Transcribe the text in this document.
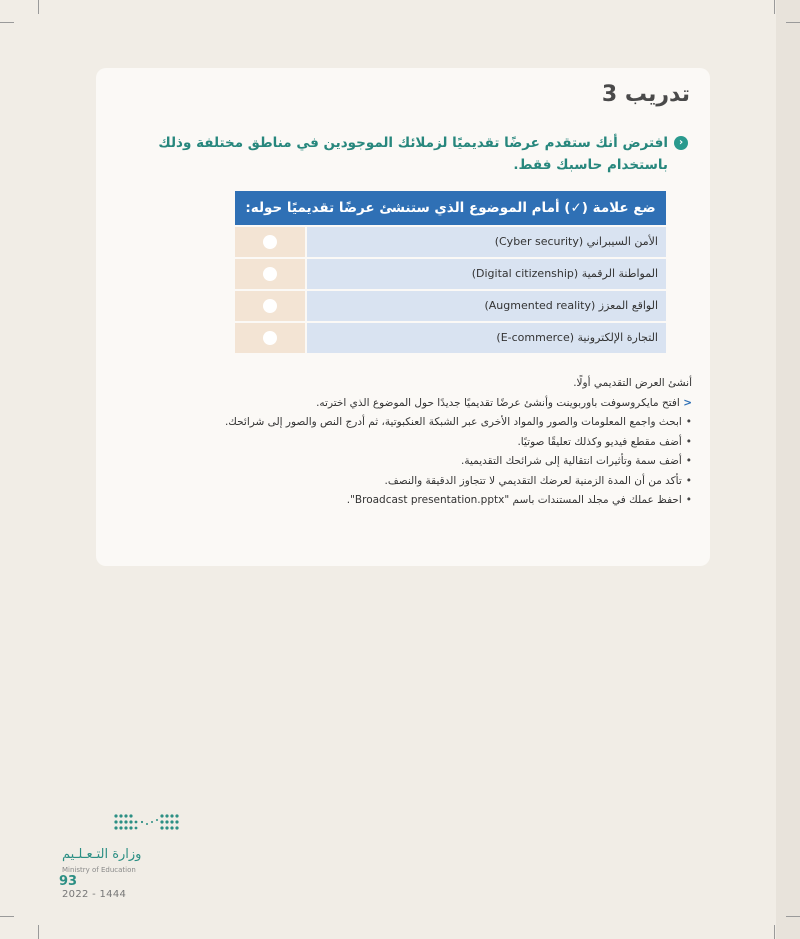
تدريب 3
‹
افترض أنك ستقدم عرضًا تقديميًا لزملائك الموجودين في مناطق مختلفة وذلك باستخدام حاسبك فقط.
ضع علامة (✓) أمام الموضوع الذي ستنشئ عرضًا تقديميًا حوله:
الأمن السيبراني (Cyber security)
المواطنة الرقمية (Digital citizenship)
الواقع المعزز (Augmented reality)
التجارة الإلكترونية (E-commerce)
أنشئ العرض التقديمي أولًا.
< افتح مايكروسوفت باوربوينت وأنشئ عرضًا تقديميًا جديدًا حول الموضوع الذي اخترته.
•ابحث واجمع المعلومات والصور والمواد الأخرى عبر الشبكة العنكبوتية، ثم أدرج النص والصور إلى شرائحك.
•أضف مقطع فيديو وكذلك تعليقًا صوتيًا.
•أضف سمة وتأثيرات انتقالية إلى شرائحك التقديمية.
•تأكد من أن المدة الزمنية لعرضك التقديمي لا تتجاوز الدقيقة والنصف.
•احفظ عملك في مجلد المستندات باسم "Broadcast presentation.pptx".
وزارة التـعـلـيم
Ministry of Education
93
2022 - 1444
